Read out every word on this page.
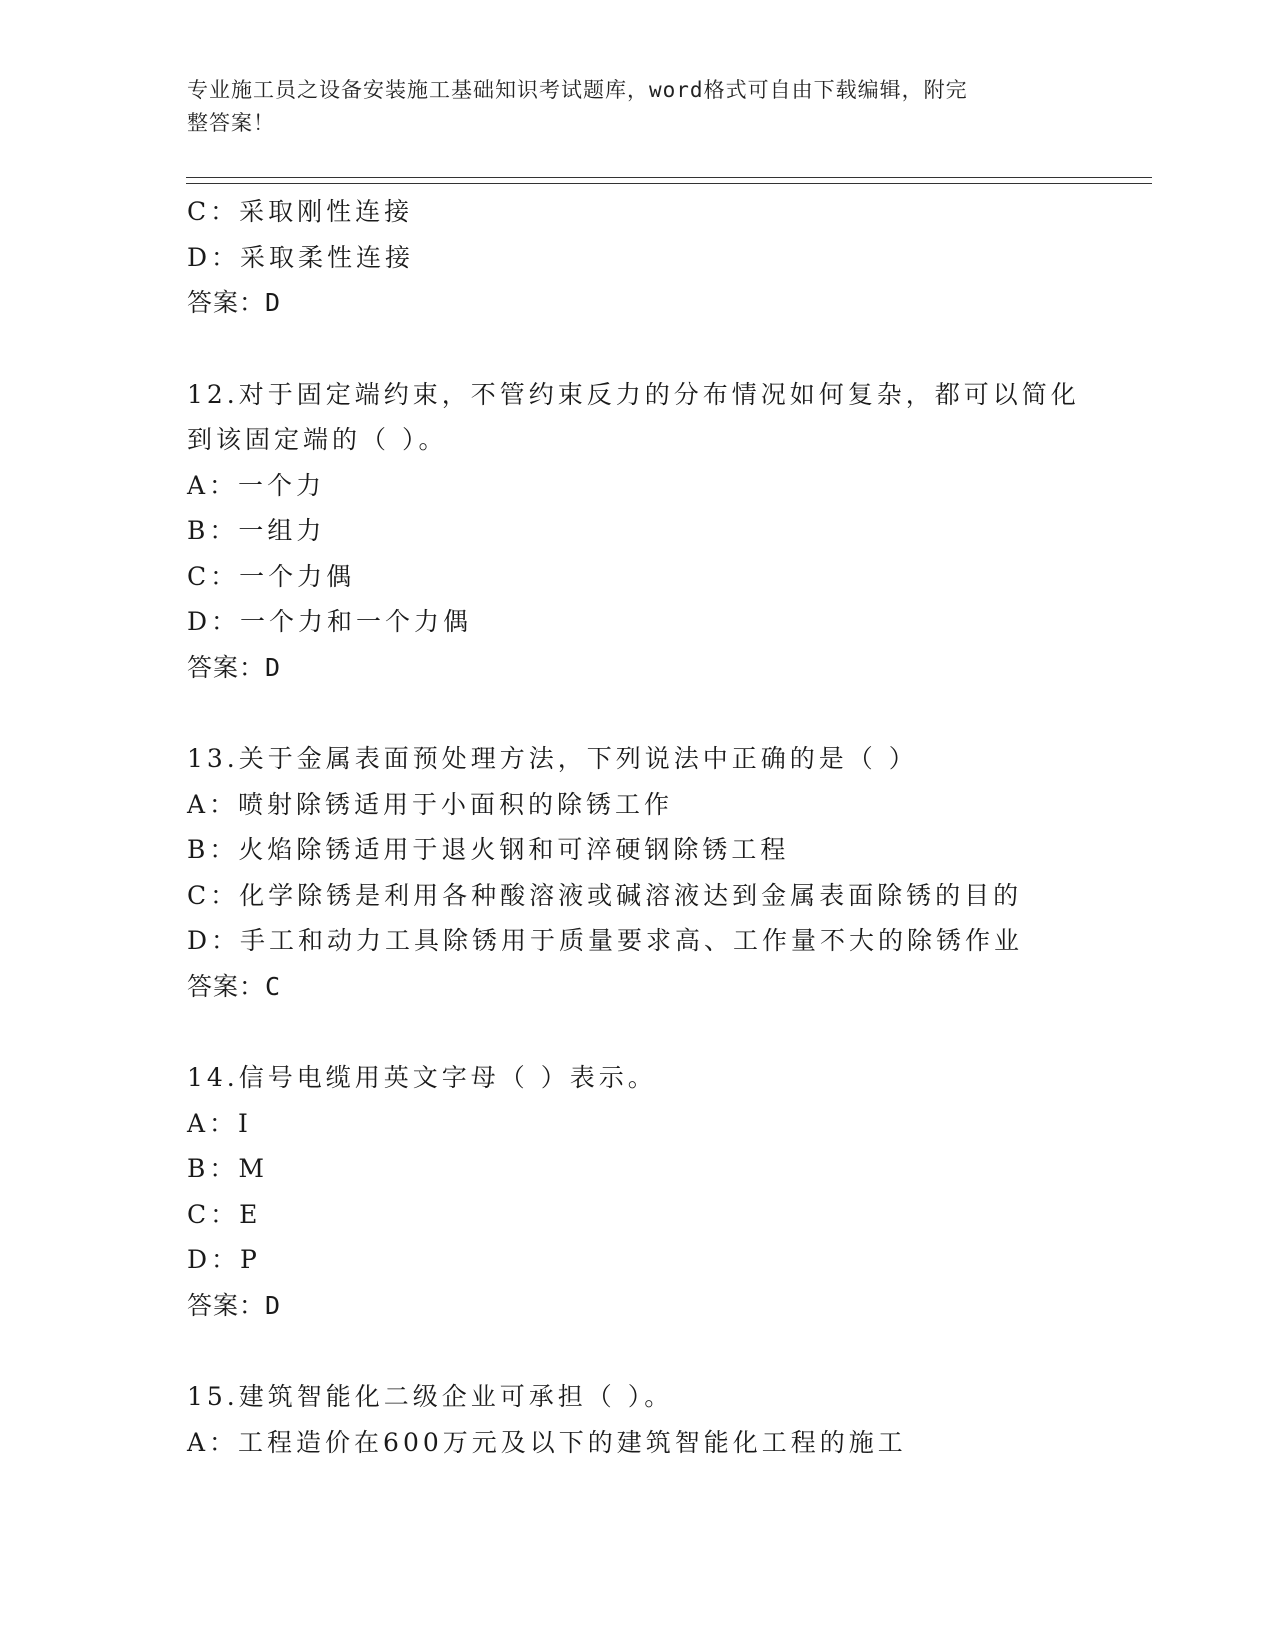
专业施工员之设备安装施工基础知识考试题库，word格式可自由下载编辑，附完
整答案！
C：采取刚性连接
D：采取柔性连接
答案：D
12.对于固定端约束，不管约束反力的分布情况如何复杂，都可以简化
到该固定端的（ ）。
A：一个力
B：一组力
C：一个力偶
D：一个力和一个力偶
答案：D
13.关于金属表面预处理方法，下列说法中正确的是（ ）
A：喷射除锈适用于小面积的除锈工作
B：火焰除锈适用于退火钢和可淬硬钢除锈工程
C：化学除锈是利用各种酸溶液或碱溶液达到金属表面除锈的目的
D：手工和动力工具除锈用于质量要求高、工作量不大的除锈作业
答案：C
14.信号电缆用英文字母（ ）表示。
A：I
B：M
C：E
D：P
答案：D
15.建筑智能化二级企业可承担（ ）。
A：工程造价在600万元及以下的建筑智能化工程的施工
